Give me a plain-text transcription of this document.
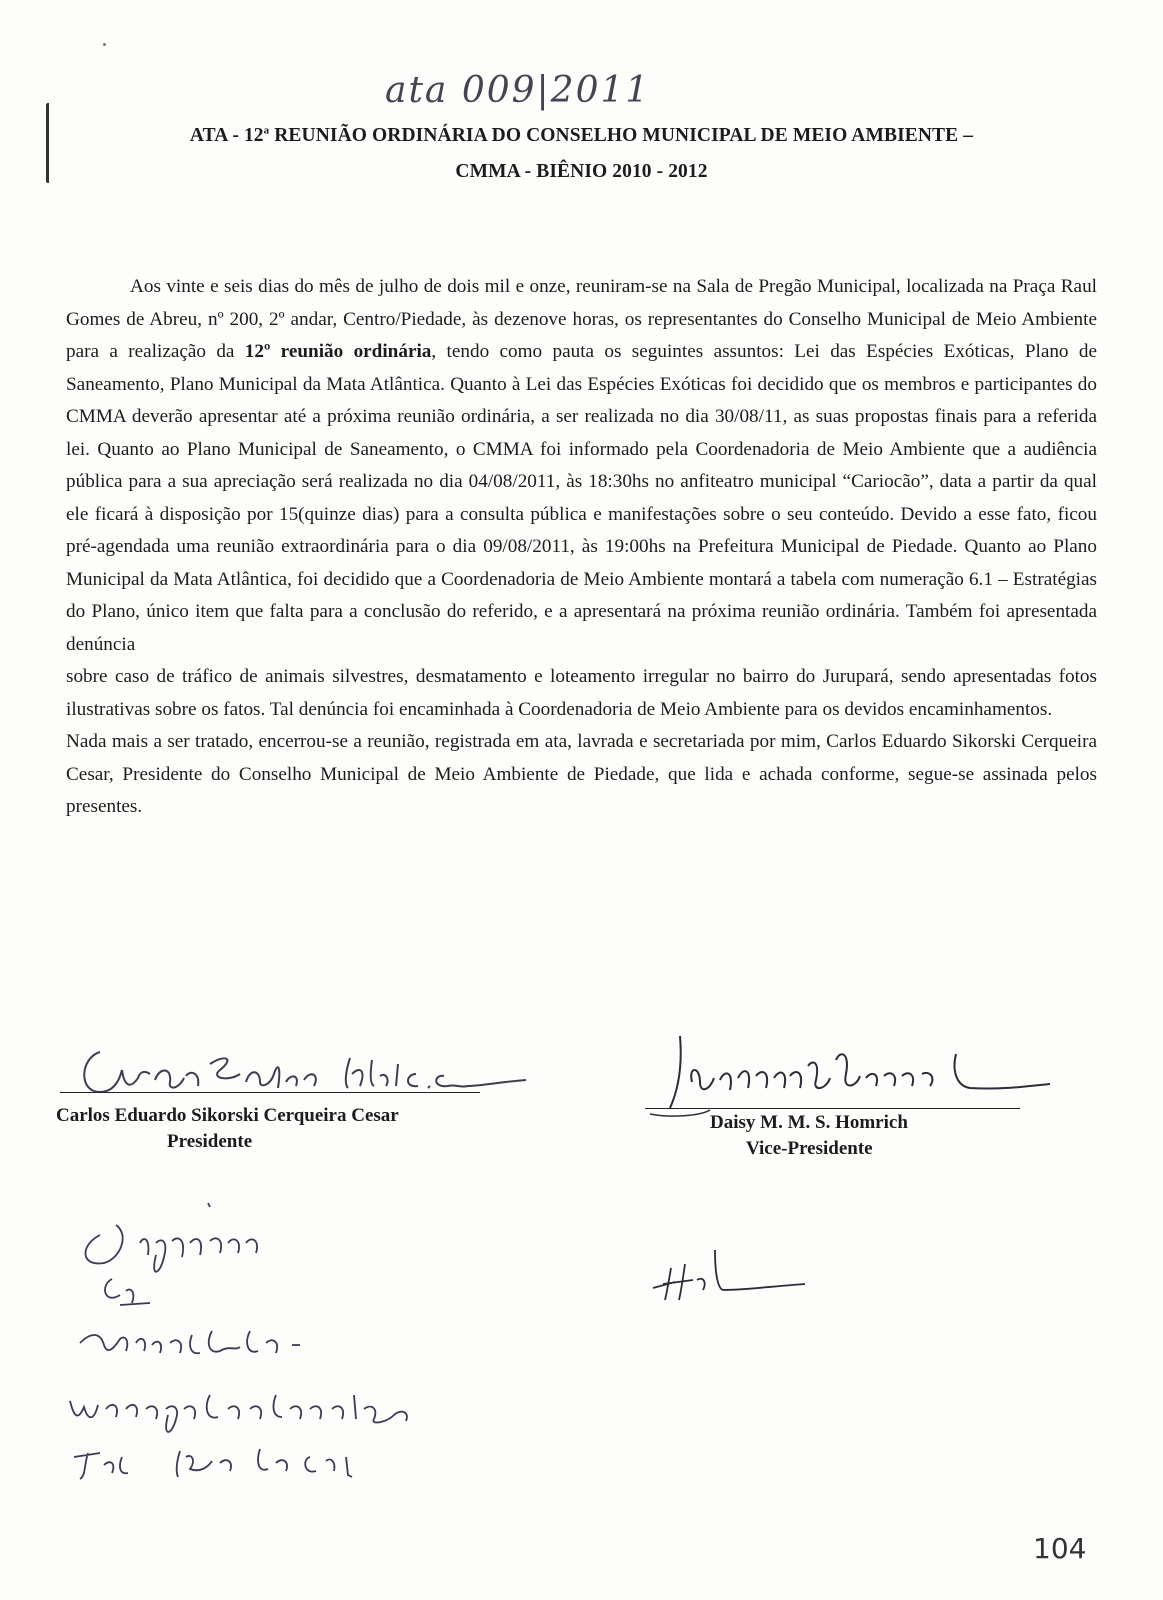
ata 009|2011
ATA - 12$^a$ REUNIÃO ORDINÁRIA DO CONSELHO MUNICIPAL DE MEIO AMBIENTE –
CMMA - BIÊNIO 2010 - 2012

Aos vinte e seis dias do mês de julho de dois mil e onze, reuniram-se na Sala de Pregão Municipal, localizada na Praça Raul Gomes de Abreu, nº 200, 2º andar, Centro/Piedade, às dezenove horas, os representantes do Conselho Municipal de Meio Ambiente para a realização da 12º reunião ordinária, tendo como pauta os seguintes assuntos: Lei das Espécies Exóticas, Plano de Saneamento, Plano Municipal da Mata Atlântica. Quanto à Lei das Espécies Exóticas foi decidido que os membros e participantes do CMMA deverão apresentar até a próxima reunião ordinária, a ser realizada no dia 30/08/11, as suas propostas finais para a referida lei. Quanto ao Plano Municipal de Saneamento, o CMMA foi informado pela Coordenadoria de Meio Ambiente que a audiência pública para a sua apreciação será realizada no dia 04/08/2011, às 18:30hs no anfiteatro municipal “Cariocão”, data a partir da qual ele ficará à disposição por 15(quinze dias) para a consulta pública e manifestações sobre o seu conteúdo. Devido a esse fato, ficou pré-agendada uma reunião extraordinária para o dia 09/08/2011, às 19:00hs na Prefeitura Municipal de Piedade. Quanto ao Plano Municipal da Mata Atlântica, foi decidido que a Coordenadoria de Meio Ambiente montará a tabela com numeração 6.1 – Estratégias do Plano, único item que falta para a conclusão do referido, e a apresentará na próxima reunião ordinária. Também foi apresentada denúncia

sobre caso de tráfico de animais silvestres, desmatamento e loteamento irregular no bairro do Jurupará, sendo apresentadas fotos ilustrativas sobre os fatos. Tal denúncia foi encaminhada à Coordenadoria de Meio Ambiente para os devidos encaminhamentos.

Nada mais a ser tratado, encerrou-se a reunião, registrada em ata, lavrada e secretariada por mim, Carlos Eduardo Sikorski Cerqueira Cesar, Presidente do Conselho Municipal de Meio Ambiente de Piedade, que lida e achada conforme, segue-se assinada pelos presentes.

Carlos Eduardo Sikorski Cerqueira Cesar
Presidente
Daisy M. M. S. Homrich
Vice-Presidente
104
